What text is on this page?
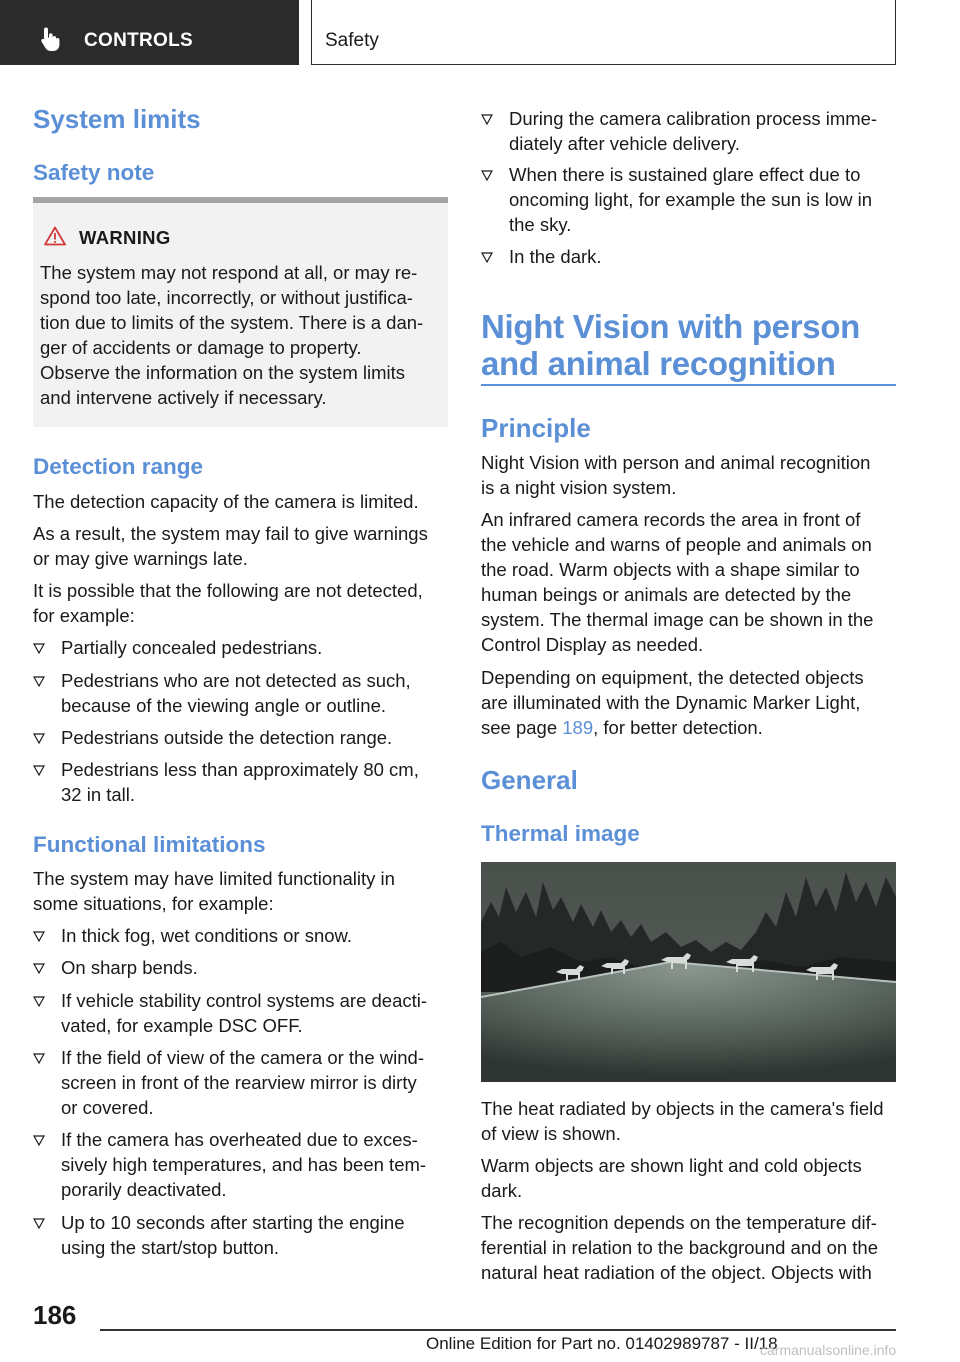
CONTROLS	Safety
System limits
Safety note
WARNING
The system may not respond at all, or may re‐
spond too late, incorrectly, or without justifica‐
tion due to limits of the system. There is a dan‐
ger of accidents or damage to property.
Observe the information on the system limits
and intervene actively if necessary.
Detection range
The detection capacity of the camera is limited.
As a result, the system may fail to give warnings
or may give warnings late.
It is possible that the following are not detected,
for example:
Partially concealed pedestrians.
Pedestrians who are not detected as such,
because of the viewing angle or outline.
Pedestrians outside the detection range.
Pedestrians less than approximately 80 cm,
32 in tall.
Functional limitations
The system may have limited functionality in
some situations, for example:
In thick fog, wet conditions or snow.
On sharp bends.
If vehicle stability control systems are deacti‐
vated, for example DSC OFF.
If the field of view of the camera or the wind‐
screen in front of the rearview mirror is dirty
or covered.
If the camera has overheated due to exces‐
sively high temperatures, and has been tem‐
porarily deactivated.
Up to 10 seconds after starting the engine
using the start/stop button.
During the camera calibration process imme‐
diately after vehicle delivery.
When there is sustained glare effect due to
oncoming light, for example the sun is low in
the sky.
In the dark.
Night Vision with person
and animal recognition
Principle
Night Vision with person and animal recognition
is a night vision system.
An infrared camera records the area in front of
the vehicle and warns of people and animals on
the road. Warm objects with a shape similar to
human beings or animals are detected by the
system. The thermal image can be shown in the
Control Display as needed.
Depending on equipment, the detected objects
are illuminated with the Dynamic Marker Light,
see page 189, for better detection.
General
Thermal image
The heat radiated by objects in the camera's field
of view is shown.
Warm objects are shown light and cold objects
dark.
The recognition depends on the temperature dif‐
ferential in relation to the background and on the
natural heat radiation of the object. Objects with
186
Online Edition for Part no. 01402989787 - II/18
carmanualsonline.info
